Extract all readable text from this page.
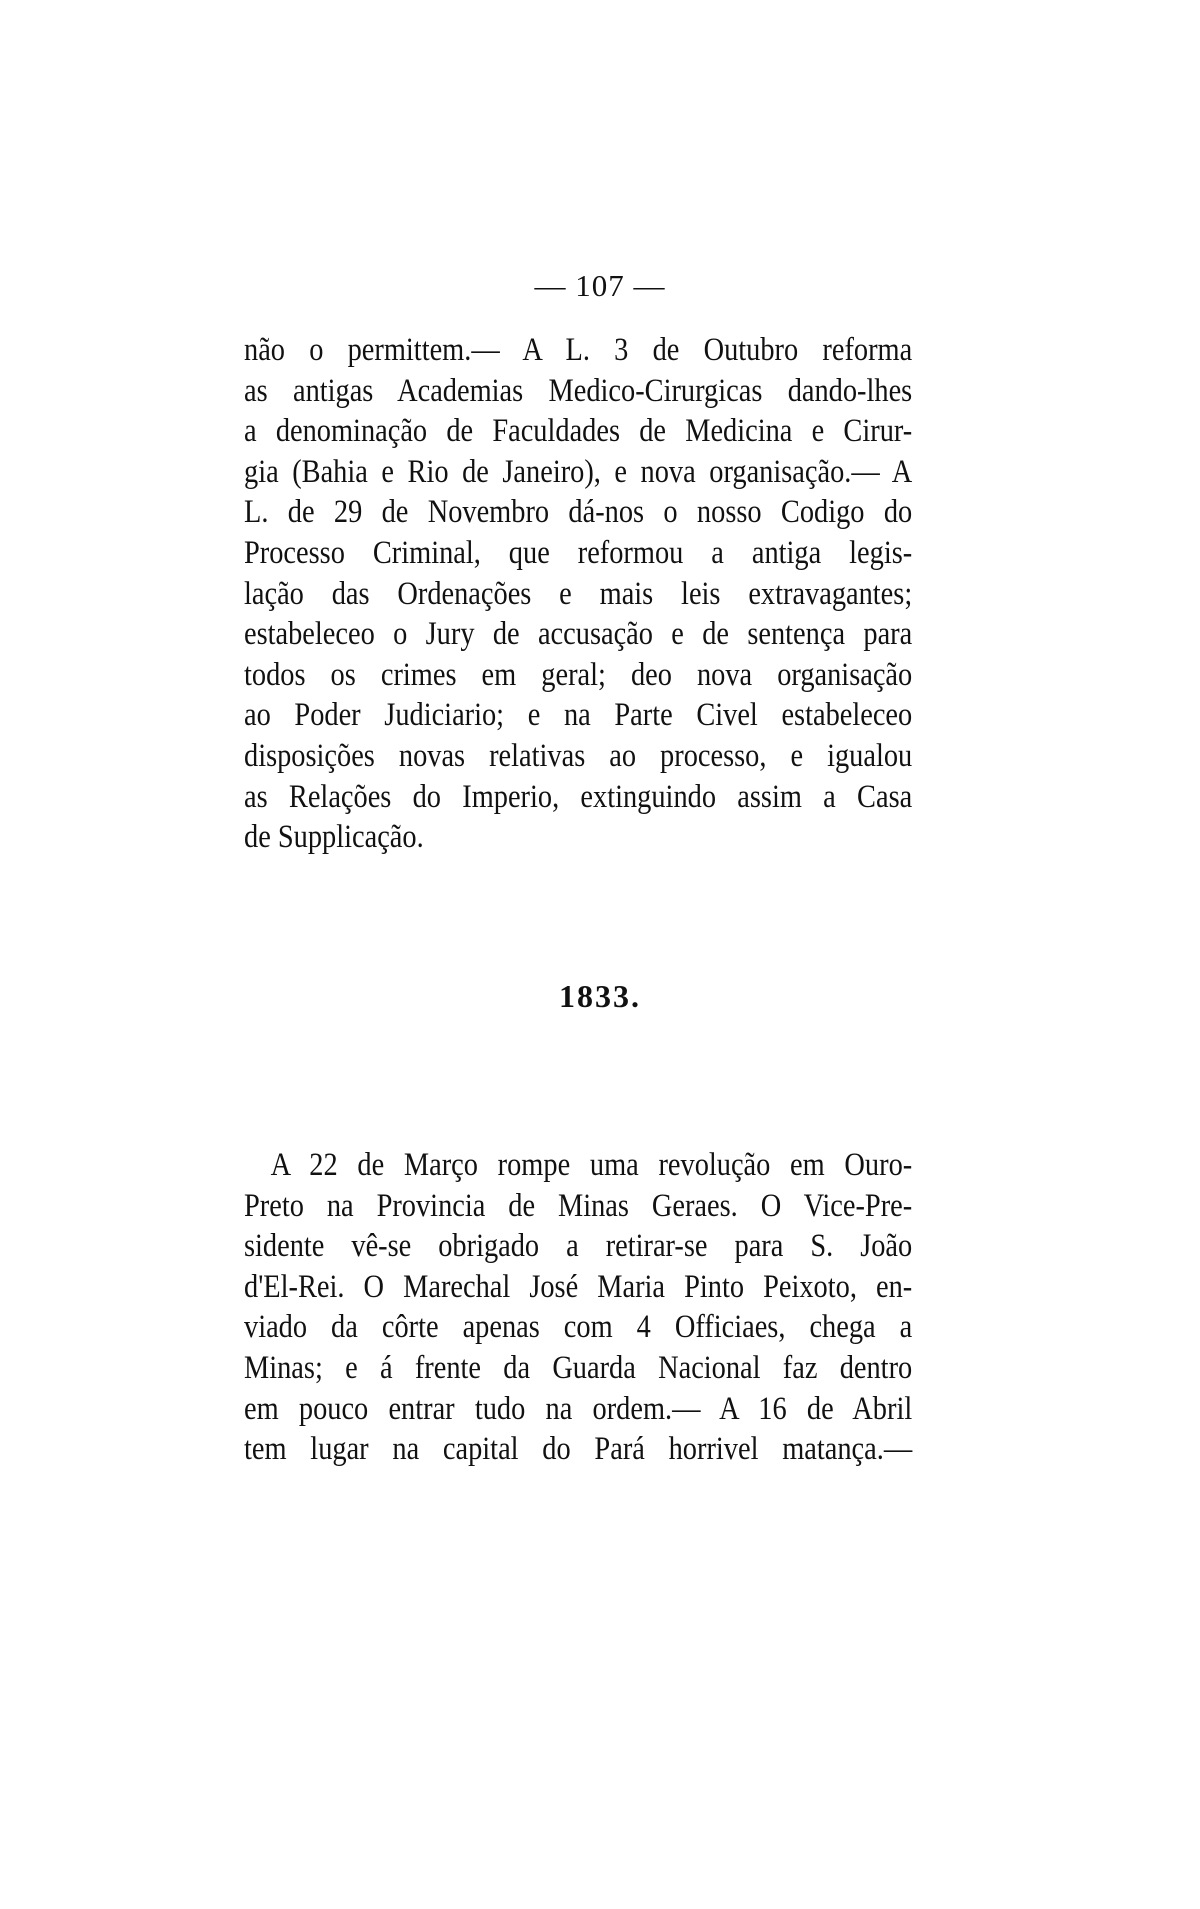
— 107 —
não o permittem.— A L. 3 de Outubro reforma
as antigas Academias Medico-Cirurgicas dando-lhes
a denominação de Faculdades de Medicina e Cirur-
gia (Bahia e Rio de Janeiro), e nova organisação.— A
L. de 29 de Novembro dá-nos o nosso Codigo do
Processo Criminal, que reformou a antiga legis-
lação das Ordenações e mais leis extravagantes;
estabeleceo o Jury de accusação e de sentença para
todos os crimes em geral; deo nova organisação
ao Poder Judiciario; e na Parte Civel estabeleceo
disposições novas relativas ao processo, e igualou
as Relações do Imperio, extinguindo assim a Casa
de Supplicação.
1833.
A 22 de Março rompe uma revolução em Ouro-
Preto na Provincia de Minas Geraes. O Vice-Pre-
sidente vê-se obrigado a retirar-se para S. João
d'El-Rei. O Marechal José Maria Pinto Peixoto, en-
viado da côrte apenas com 4 Officiaes, chega a
Minas; e á frente da Guarda Nacional faz dentro
em pouco entrar tudo na ordem.— A 16 de Abril
tem lugar na capital do Pará horrivel matança.—
